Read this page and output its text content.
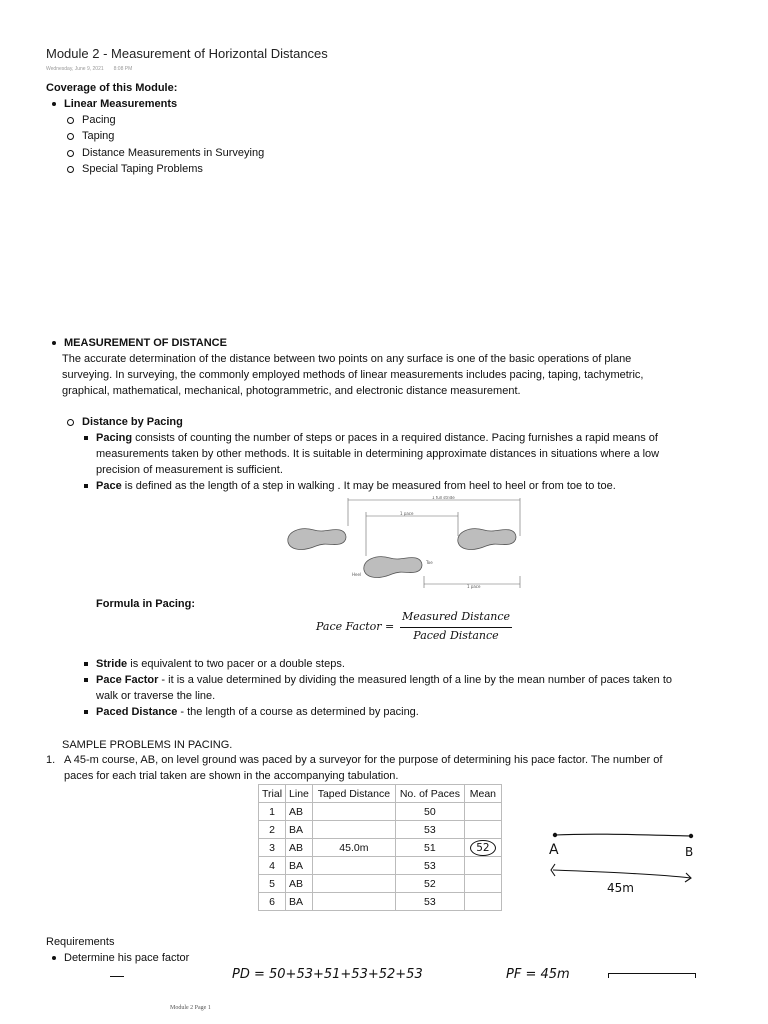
Module 2 - Measurement of Horizontal Distances
Wednesday, June 9, 2021 8:08 PM
Coverage of this Module:
Linear Measurements
Pacing
Taping
Distance Measurements in Surveying
Special Taping Problems
MEASUREMENT OF DISTANCE
The accurate determination of the distance between two points on any surface is one of the basic operations of plane
surveying. In surveying, the commonly employed methods of linear measurements includes pacing, taping, tachymetric,
graphical, mathematical, mechanical, photogrammetric, and electronic distance measurement.
Distance by Pacing
Pacing consists of counting the number of steps or paces in a required distance. Pacing furnishes a rapid means of
measurements taken by other methods. It is suitable in determining approximate distances in situations where a low
precision of measurement is sufficient.
Pace is defined as the length of a step in walking . It may be measured from heel to heel or from toe to toe.
1 full stride
1 pace
Toe
Heel
1 pace
Formula in Pacing:
Pace Factor =
Measured Distance
Paced Distance
Stride is equivalent to two pacer or a double steps.
Pace Factor - it is a value determined by dividing the measured length of a line by the mean number of paces taken to
walk or traverse the line.
Paced Distance - the length of a course as determined by pacing.
SAMPLE PROBLEMS IN PACING.
1. A 45-m course, AB, on level ground was paced by a surveyor for the purpose of determining his pace factor. The number of
paces for each trial taken are shown in the accompanying tabulation.
Trial	Line	Taped Distance	No. of Paces	Mean
1	AB		50	
2	BA		53	
3	AB	45.0m	51	52
4	BA		53	
5	AB		52	
6	BA		53	
A	B
45m
Requirements
Determine his pace factor
PD = 50+53+51+53+52+53	PF = 45m
Module 2 Page 1
